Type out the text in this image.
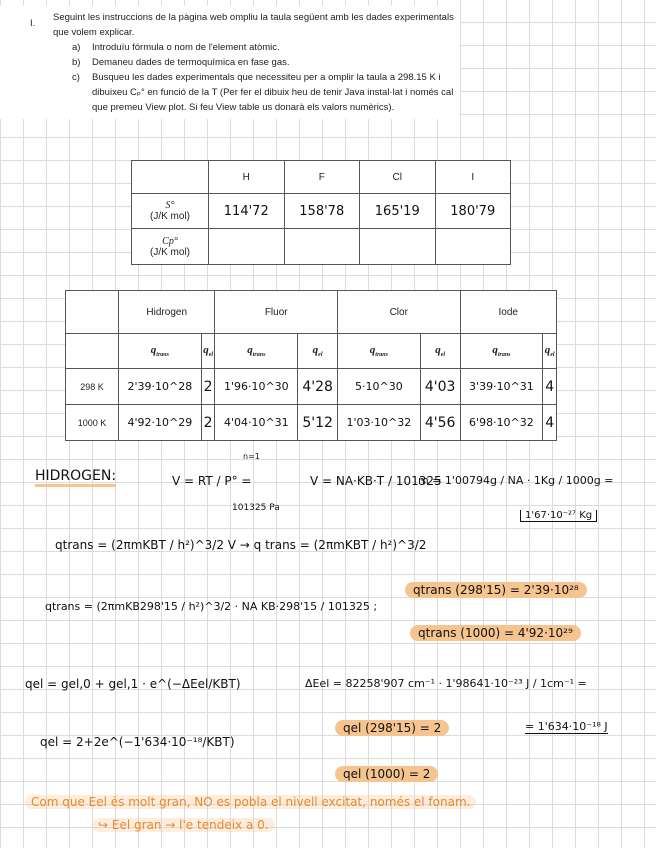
I.
Seguint les instruccions de la pàgina web ompliu la taula següent amb les dades experimentals que volem explicar.
a)	Introduïu fórmula o nom de l'element atòmic.
b)	Demaneu dades de termoquímica en fase gas.
c)	Busqueu les dades experimentals que necessiteu per a omplir la taula a 298.15 K i dibuixeu Cₚ° en funció de la T (Per fer el dibuix heu de tenir Java instal·lat i només cal que premeu View plot. Si feu View table us donarà els valors numèrics).
	H	F	Cl	I

S°
(J/K mol)	114'72	158'78	165'19	180'79

Cp°
(J/K mol)				

	Hidrogen		Fluor		Clor		Iode	
	$q_{trans}$	$q_{el}$	$q_{trans}$	$q_{el}$	$q_{trans}$	$q_{el}$	$q_{trans}$	$q_{el}$
298 K	2'39·10^28	2	1'96·10^30	4'28	5·10^30	4'03	3'39·10^31	4
1000 K	4'92·10^29	2	4'04·10^31	5'12	1'03·10^32	4'56	6'98·10^32	4
HIDROGEN:	V = RT / P° =
n=1
101325 Pa
V = NA·KB·T / 101325
m = 1'00794g / NA · 1Kg / 1000g =
1'67·10⁻²⁷ Kg
qtrans = (2πmKBT / h²)^3/2 V → q trans = (2πmKBT / h²)^3/2
qtrans = (2πmKB298'15 / h²)^3/2 · NA KB·298'15 / 101325 ;
qtrans (298'15) = 2'39·10²⁸
qtrans (1000) = 4'92·10²⁹
qel = gel,0 + gel,1 · e^(−ΔEel/KBT)	ΔEel = 82258'907 cm⁻¹ · 1'98641·10⁻²³ J / 1cm⁻¹ =
= 1'634·10⁻¹⁸ J
qel = 2+2e^(−1'634·10⁻¹⁸/KBT)
qel (298'15) = 2
qel (1000) = 2
Com que Eel és molt gran, NO es pobla el nivell excitat, només el fonam.
↪ Eel gran → l'e tendeix a 0.
